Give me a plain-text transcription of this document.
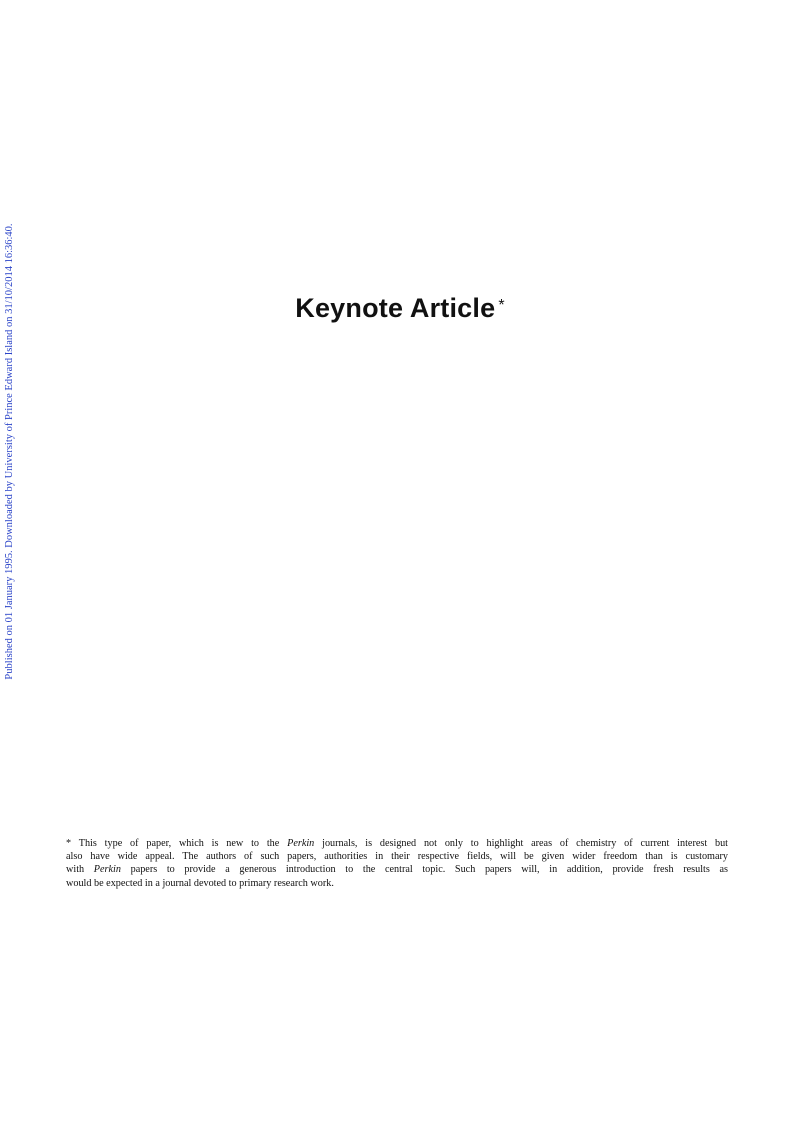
Published on 01 January 1995. Downloaded by University of Prince Edward Island on 31/10/2014 16:36:40.	Keynote Article *

* This type of paper, which is new to the Perkin journals, is designed not only to highlight areas of chemistry of current interest but
also have wide appeal. The authors of such papers, authorities in their respective fields, will be given wider freedom than is customary
with Perkin papers to provide a generous introduction to the central topic. Such papers will, in addition, provide fresh results as
would be expected in a journal devoted to primary research work.
